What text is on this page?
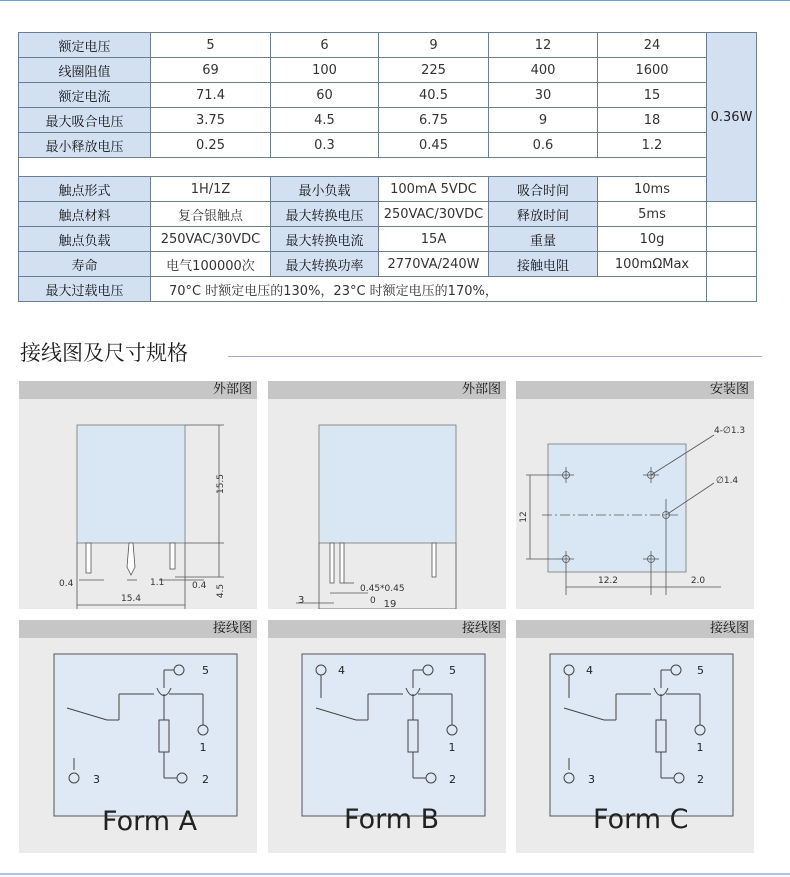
额定电压	5	6	9	12	24	0.36W
线圈阻值	69	100	225	400	1600	
额定电流	71.4	60	40.5	30	15	
最大吸合电压	3.75	4.5	6.75	9	18	
最小释放电压	0.25	0.3	0.45	0.6	1.2	

触点形式	1H/1Z	最小负载	100mA 5VDC	吸合时间	10ms	
触点材料	复合银触点	最大转换电压	250VAC/30VDC	释放时间	5ms	
触点负载	250VAC/30VDC	最大转换电流	15A	重量	10g	
寿命	电气100000次	最大转换功率	2770VA/240W	接触电阻	100mΩMax	
最大过载电压	70°C 时额定电压的130%，23°C 时额定电压的170%，					
接线图及尺寸规格
外部图
15.5
4.5
0.4	1.1	0.4
15.4
外部图
3
0.45*0.45
0 19
安装图
4-∅1.3
∅1.4
12
12.2	2.0
接线图
5
1
3	2
Form A
接线图
4	5
1
2
Form B
接线图
4	5
1
3	2
Form C
